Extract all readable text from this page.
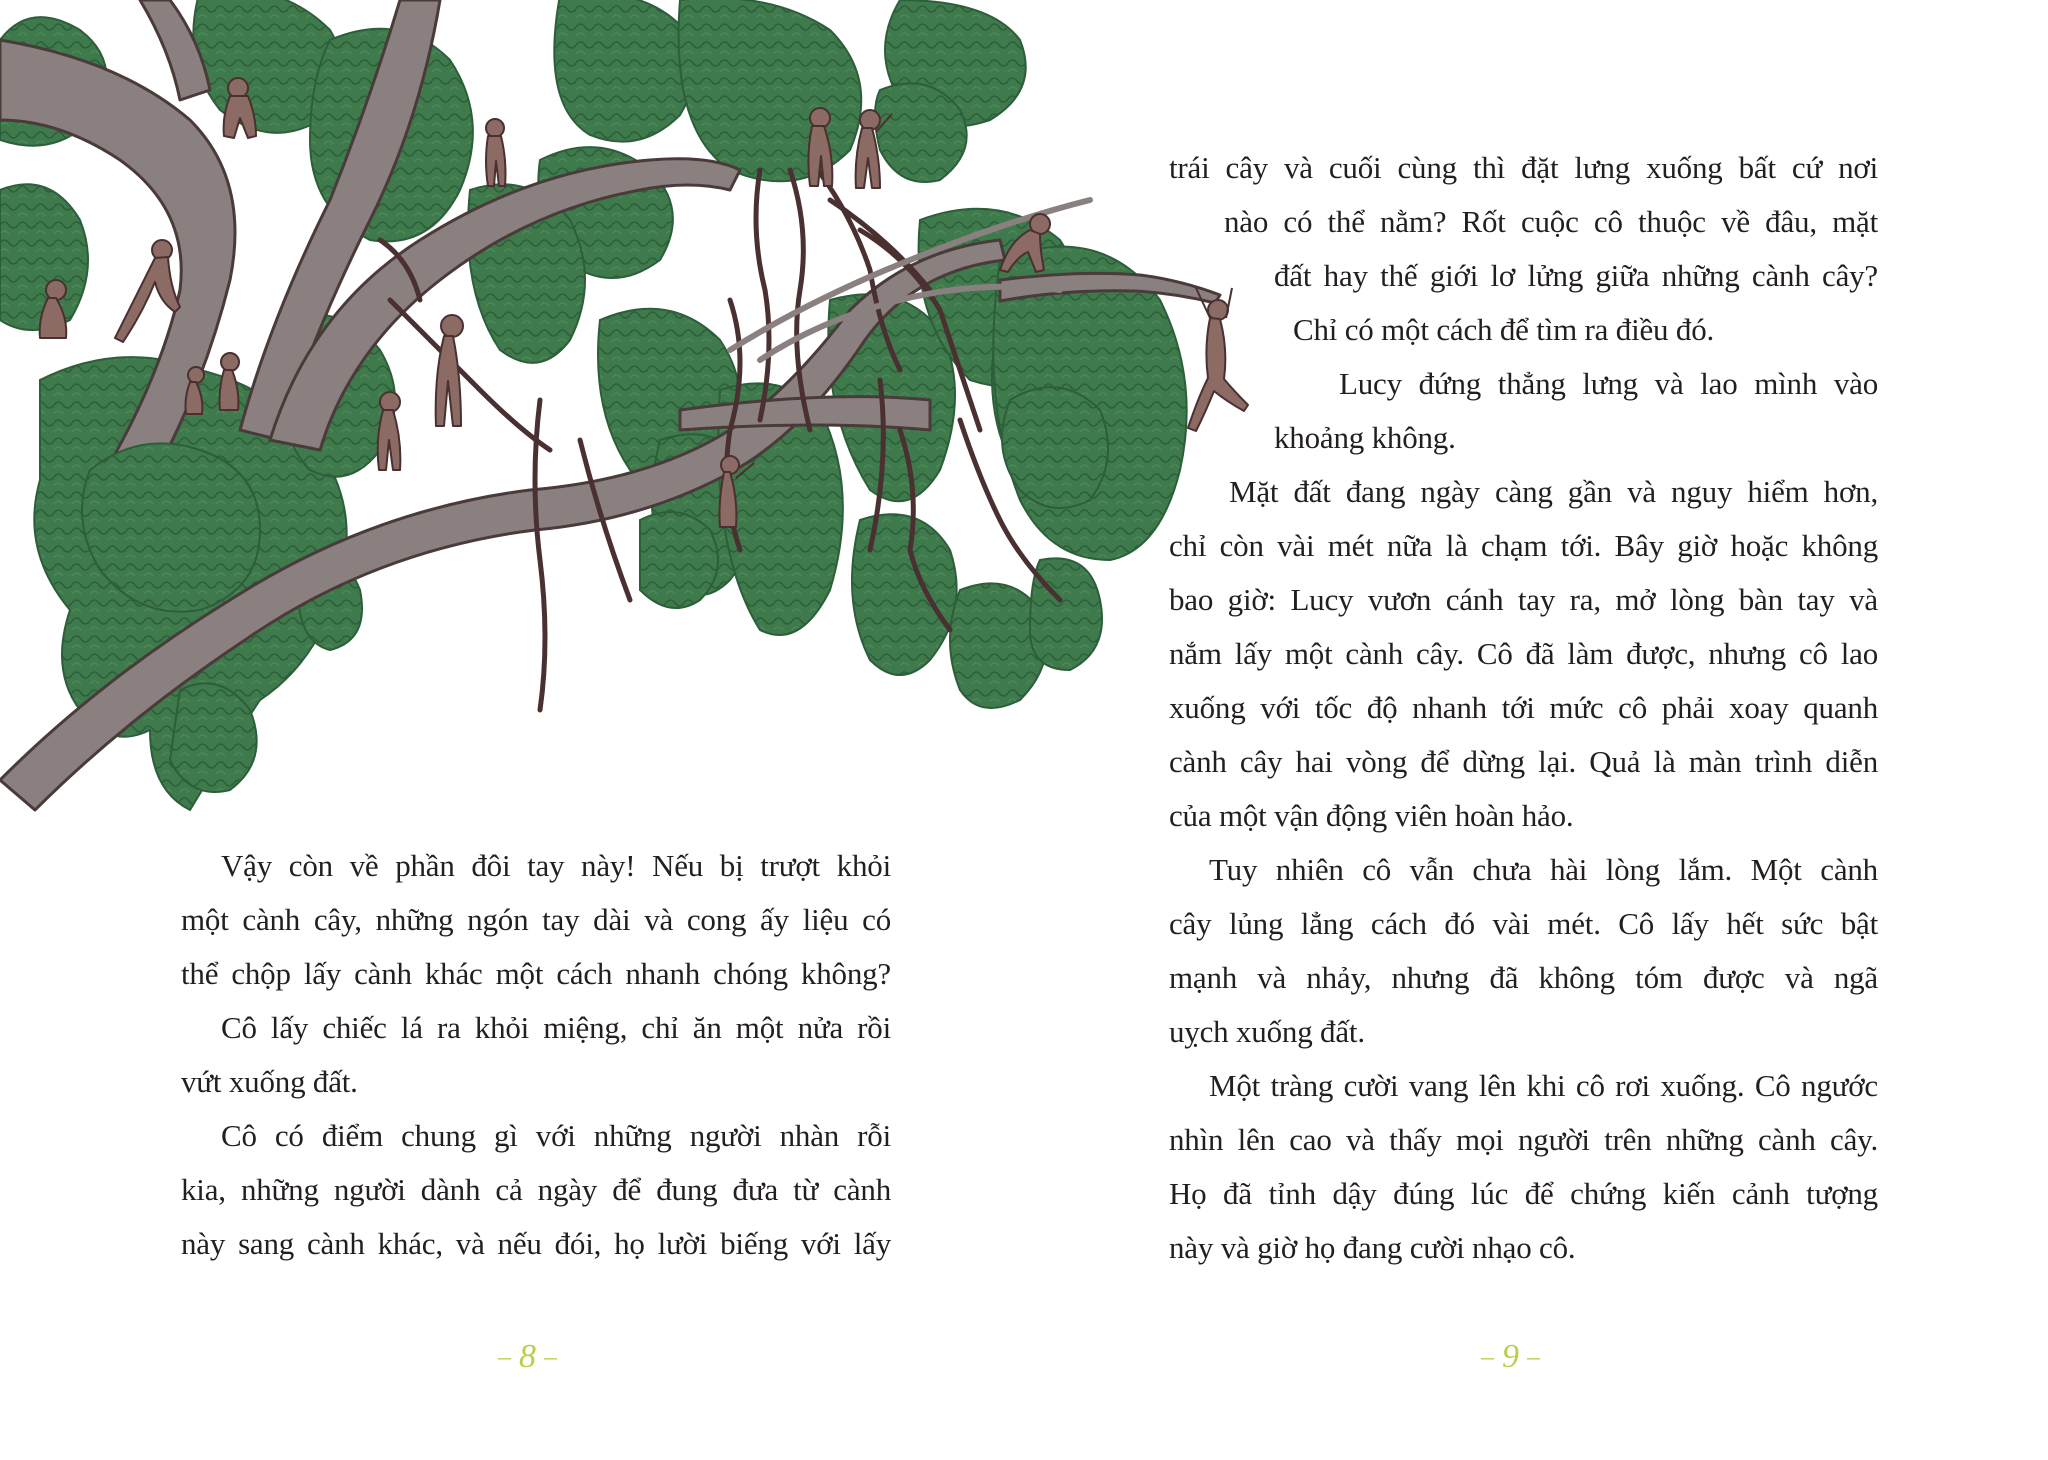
Vậy còn về phần đôi tay này! Nếu bị trượt khỏi
một cành cây, những ngón tay dài và cong ấy liệu có
thể chộp lấy cành khác một cách nhanh chóng không?
Cô lấy chiếc lá ra khỏi miệng, chỉ ăn một nửa rồi
vứt xuống đất.
Cô có điểm chung gì với những người nhàn rỗi
kia, những người dành cả ngày để đung đưa từ cành
này sang cành khác, và nếu đói, họ lười biếng với lấy
trái cây và cuối cùng thì đặt lưng xuống bất cứ nơi
nào có thể nằm? Rốt cuộc cô thuộc về đâu, mặt
đất hay thế giới lơ lửng giữa những cành cây?
Chỉ có một cách để tìm ra điều đó.
Lucy đứng thẳng lưng và lao mình vào
khoảng không.
Mặt đất đang ngày càng gần và nguy hiểm hơn,
chỉ còn vài mét nữa là chạm tới. Bây giờ hoặc không
bao giờ: Lucy vươn cánh tay ra, mở lòng bàn tay và
nắm lấy một cành cây. Cô đã làm được, nhưng cô lao
xuống với tốc độ nhanh tới mức cô phải xoay quanh
cành cây hai vòng để dừng lại. Quả là màn trình diễn
của một vận động viên hoàn hảo.
Tuy nhiên cô vẫn chưa hài lòng lắm. Một cành
cây lủng lẳng cách đó vài mét. Cô lấy hết sức bật
mạnh và nhảy, nhưng đã không tóm được và ngã
uỵch xuống đất.
Một tràng cười vang lên khi cô rơi xuống. Cô ngước
nhìn lên cao và thấy mọi người trên những cành cây.
Họ đã tỉnh dậy đúng lúc để chứng kiến cảnh tượng
này và giờ họ đang cười nhạo cô.
– 8 –	– 9 –
